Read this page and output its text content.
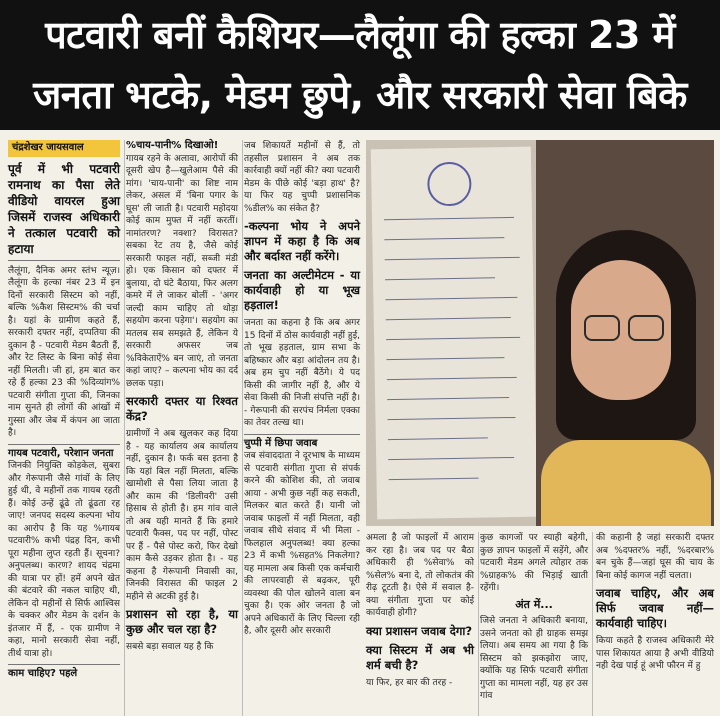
पटवारी बनीं कैशियर—लैलूंगा की हल्का 23 में
जनता भटके, मेडम छुपे, और सरकारी सेवा बिके
चंद्रशेखर जायसवाल
पूर्व में भी पटवारी रामनाथ का पैसा लेते वीडियो वायरल हुआ जिसमें राजस्व अधिकारी ने तत्काल पटवारी को हटाया

लैलूंगा, दैनिक अमर स्तंभ न्यूज़। लैलूंगा के हल्का नंबर 23 में इन दिनों सरकारी सिस्टम को नहीं, बल्कि %कैश सिस्टम% की चर्चा है। यहां के ग्रामीण कहते हैं, सरकारी दफ्तर नहीं, दप्पतिया की दुकान है - पटवारी मेडम बैठती हैं, और रेट लिस्ट के बिना कोई सेवा नहीं मिलती। जी हां, हम बात कर रहे हैं हल्का 23 की %दिव्यांग% पटवारी संगीता गुप्ता की, जिनका नाम सुनते ही लोगों की आंखों में गुस्सा और जेब में कंपन आ जाता है।

गायब पटवारी, परेशान जनता

जिनकी नियुक्ति कोड़केल, सुबरा और गेरूपानी जैसे गांवों के लिए हुई थी, वे महीनों तक गायब रहती हैं। कोई उन्हें ढूंढे तो ढूंढता रह जाए! जनपद सदस्य कल्पना भोय का आरोप है कि यह %गायब पटवारी% कभी पंद्रह दिन, कभी पूरा महीना लुप्त रहती हैं। सूचना? अनुपलब्ध। कारण? शायद चंद्रमा की यात्रा पर हों! हमें अपने खेत की बंटवारे की नकल चाहिए थी, लेकिन दो महीनों से सिर्फ आश्विस के चक्कर और मेडम के दर्शन के इंतजार में हैं, - एक ग्रामीण ने कहा, मानो सरकारी सेवा नहीं, तीर्थ यात्रा हो।

काम चाहिए? पहले
%चाय-पानी% दिखाओ!

गायब रहने के अलावा, आरोपों की दूसरी खेप है—खुलेआम पैसे की मांग। 'चाय-पानी' का शिष्ट नाम लेकर, असल में 'बिना पगार के घूस' ली जाती है। पटवारी महोदया कोई काम मुफ्त में नहीं करतीं। नामांतरण? नक्शा? विरासत? सबका रेट तय है, जैसे कोई सरकारी फाइल नहीं, सब्जी मंडी हो। एक किसान को दफ्तर में बुलाया, दो घंटे बैठाया, फिर अलग कमरे में ले जाकर बोलीं - 'अगर जल्दी काम चाहिए तो थोड़ा सहयोग करना पड़ेगा'। सहयोग का मतलब सब समझते हैं, लेकिन ये सरकारी अफसर जब %विकेताऐं% बन जाएं, तो जनता कहां जाए? – कल्पना भोय का दर्द छलक पड़ा।

सरकारी दफ्तर या रिश्वत केंद्र?

ग्रामीणों ने अब खुलकर कह दिया है - यह कार्यालय अब कार्यालय नहीं, दुकान है। फर्क बस इतना है कि यहां बिल नहीं मिलता, बल्कि खामोशी से पैसा लिया जाता है और काम की 'डिलीवरी' उसी हिसाब से होती है। हम गांव वाले तो अब यही मानते हैं कि हमारे पटवारी फैक्स, पद पर नहीं, पोस्ट पर हैं - पैसे पोस्ट करो, फिर देखो काम कैसे उड़कर होता है। - यह कहना है गेरूपानी निवासी का, जिनकी विरासत की फाइल 2 महीने से अटकी हुई है।

प्रशासन सो रहा है, या कुछ और चल रहा है?

सबसे बड़ा सवाल यह है कि

जब शिकायतें महीनों से हैं, तो तहसील प्रशासन ने अब तक कार्रवाही क्यों नहीं की? क्या पटवारी मेडम के पीछे कोई 'बड़ा हाथ' है? या फिर यह चुप्पी प्रशासनिक %डील% का संकेत है?

-कल्पना भोय ने अपने ज्ञापन में कहा है कि अब और बर्दाश्त नहीं करेंगे।
जनता का अल्टीमेटम - या कार्यवाही हो या भूख हड़ताल!

जनता का कहना है कि अब अगर 15 दिनों में ठोस कार्यवाही नहीं हुई, तो भूख हड़ताल, ग्राम सभा के बहिष्कार और बड़ा आंदोलन तय है। अब हम चुप नहीं बैठेंगे। ये पद किसी की जागीर नहीं है, और ये सेवा किसी की निजी संपत्ति नहीं है। - गेरूपानी की सरपंच निर्मला एक्का का तेवर तल्ख था।

चुप्पी में छिपा जवाब

जब संवाददाता ने दूरभाष के माध्यम से पटवारी संगीता गुप्ता से संपर्क करने की कोशिश की, तो जवाब आया - अभी कुछ नहीं कह सकती, मिलकर बात करते हैं। यानी जो जवाब फाइलों में नहीं मिलता, वही जवाब सीधे संवाद में भी मिला - फिलहाल अनुपलब्ध! क्या हल्का 23 में कभी %सहत% निकलेगा? यह मामला अब किसी एक कर्मचारी की लापरवाही से बढ़कर, पूरी व्यवस्था की पोल खोलने वाला बन चुका है। एक ओर जनता है जो अपने अधिकारों के लिए चिल्ला रही है, और दूसरी ओर सरकारी

अमला है जो फाइलों में आराम कर रहा है। जब पद पर बैठा अधिकारी ही %सेवा% को %सेल% बना दे, तो लोकतंत्र की रीढ़ टूटती है। ऐसे में सवाल है- क्या संगीता गुप्ता पर कोई कार्यवाही होगी?

क्या प्रशासन जवाब देगा?
क्या सिस्टम में अब भी शर्म बची है?

या फिर, हर बार की तरह -

कुछ कागजों पर स्याही बहेगी, कुछ ज्ञापन फाइलों में सड़ेंगे, और पटवारी मेडम अगले त्योहार तक %ग्राहक% की भिड़ाई खाती रहेंगी।

अंत में...

जिसे जनता ने अधिकारी बनाया, उसने जनता को ही ग्राहक समझ लिया। अब समय आ गया है कि सिस्टम को झकझोरा जाए, क्योंकि यह सिर्फ पटवारी संगीता गुप्ता का मामला नहीं, यह हर उस गांव

की कहानी है जहां सरकारी दफ्तर अब %दफ्तर% नहीं, %दरबार% बन चुके हैं—जहां घूस की चाय के बिना कोई कागज नहीं चलता।

जवाब चाहिए, और अब सिर्फ जवाब नहीं— कार्यवाही चाहिए।

किया कहते है राजस्व अधिकारी मेरे पास शिकायत आया है अभी वीडियो नही देख पाई हूं अभी फौरन में हु
